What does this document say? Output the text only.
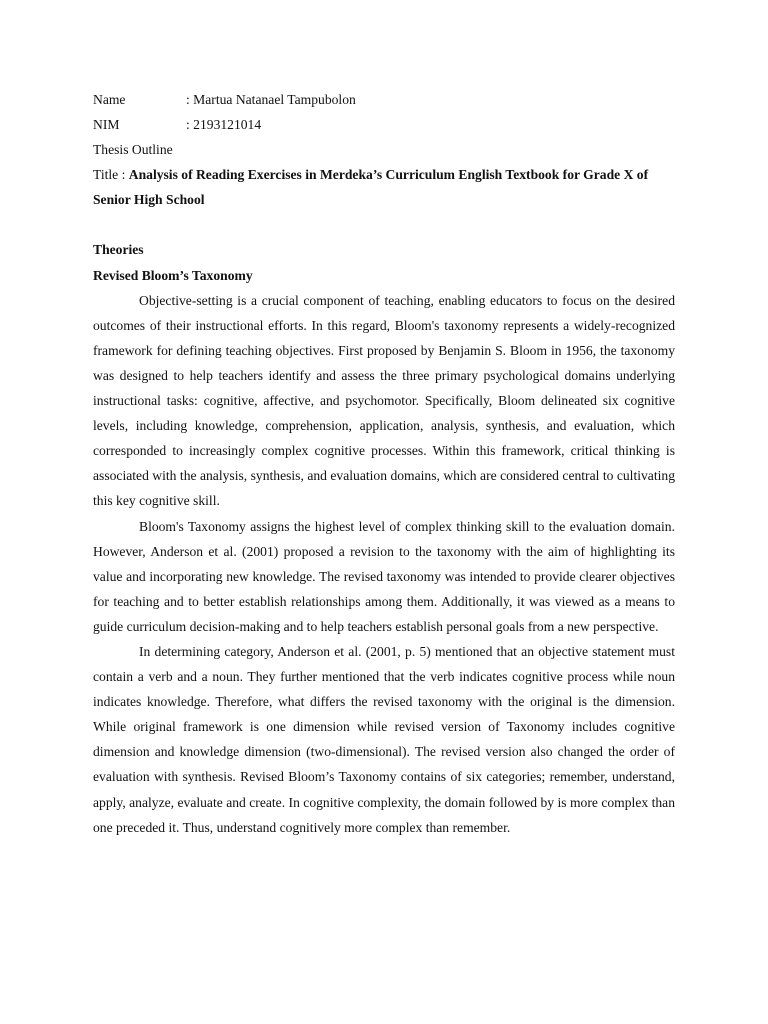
Name	: Martua Natanael Tampubolon
NIM	: 2193121014
Thesis Outline
Title : Analysis of Reading Exercises in Merdeka’s Curriculum English Textbook for Grade X of Senior High School
Theories
Revised Bloom’s Taxonomy

Objective-setting is a crucial component of teaching, enabling educators to focus on the desired outcomes of their instructional efforts. In this regard, Bloom's taxonomy represents a widely-recognized framework for defining teaching objectives. First proposed by Benjamin S. Bloom in 1956, the taxonomy was designed to help teachers identify and assess the three primary psychological domains underlying instructional tasks: cognitive, affective, and psychomotor. Specifically, Bloom delineated six cognitive levels, including knowledge, comprehension, application, analysis, synthesis, and evaluation, which corresponded to increasingly complex cognitive processes. Within this framework, critical thinking is associated with the analysis, synthesis, and evaluation domains, which are considered central to cultivating this key cognitive skill.

Bloom's Taxonomy assigns the highest level of complex thinking skill to the evaluation domain. However, Anderson et al. (2001) proposed a revision to the taxonomy with the aim of highlighting its value and incorporating new knowledge. The revised taxonomy was intended to provide clearer objectives for teaching and to better establish relationships among them. Additionally, it was viewed as a means to guide curriculum decision-making and to help teachers establish personal goals from a new perspective.

In determining category, Anderson et al. (2001, p. 5) mentioned that an objective statement must contain a verb and a noun. They further mentioned that the verb indicates cognitive process while noun indicates knowledge. Therefore, what differs the revised taxonomy with the original is the dimension. While original framework is one dimension while revised version of Taxonomy includes cognitive dimension and knowledge dimension (two-dimensional). The revised version also changed the order of evaluation with synthesis. Revised Bloom’s Taxonomy contains of six categories; remember, understand, apply, analyze, evaluate and create. In cognitive complexity, the domain followed by is more complex than one preceded it. Thus, understand cognitively more complex than remember.
